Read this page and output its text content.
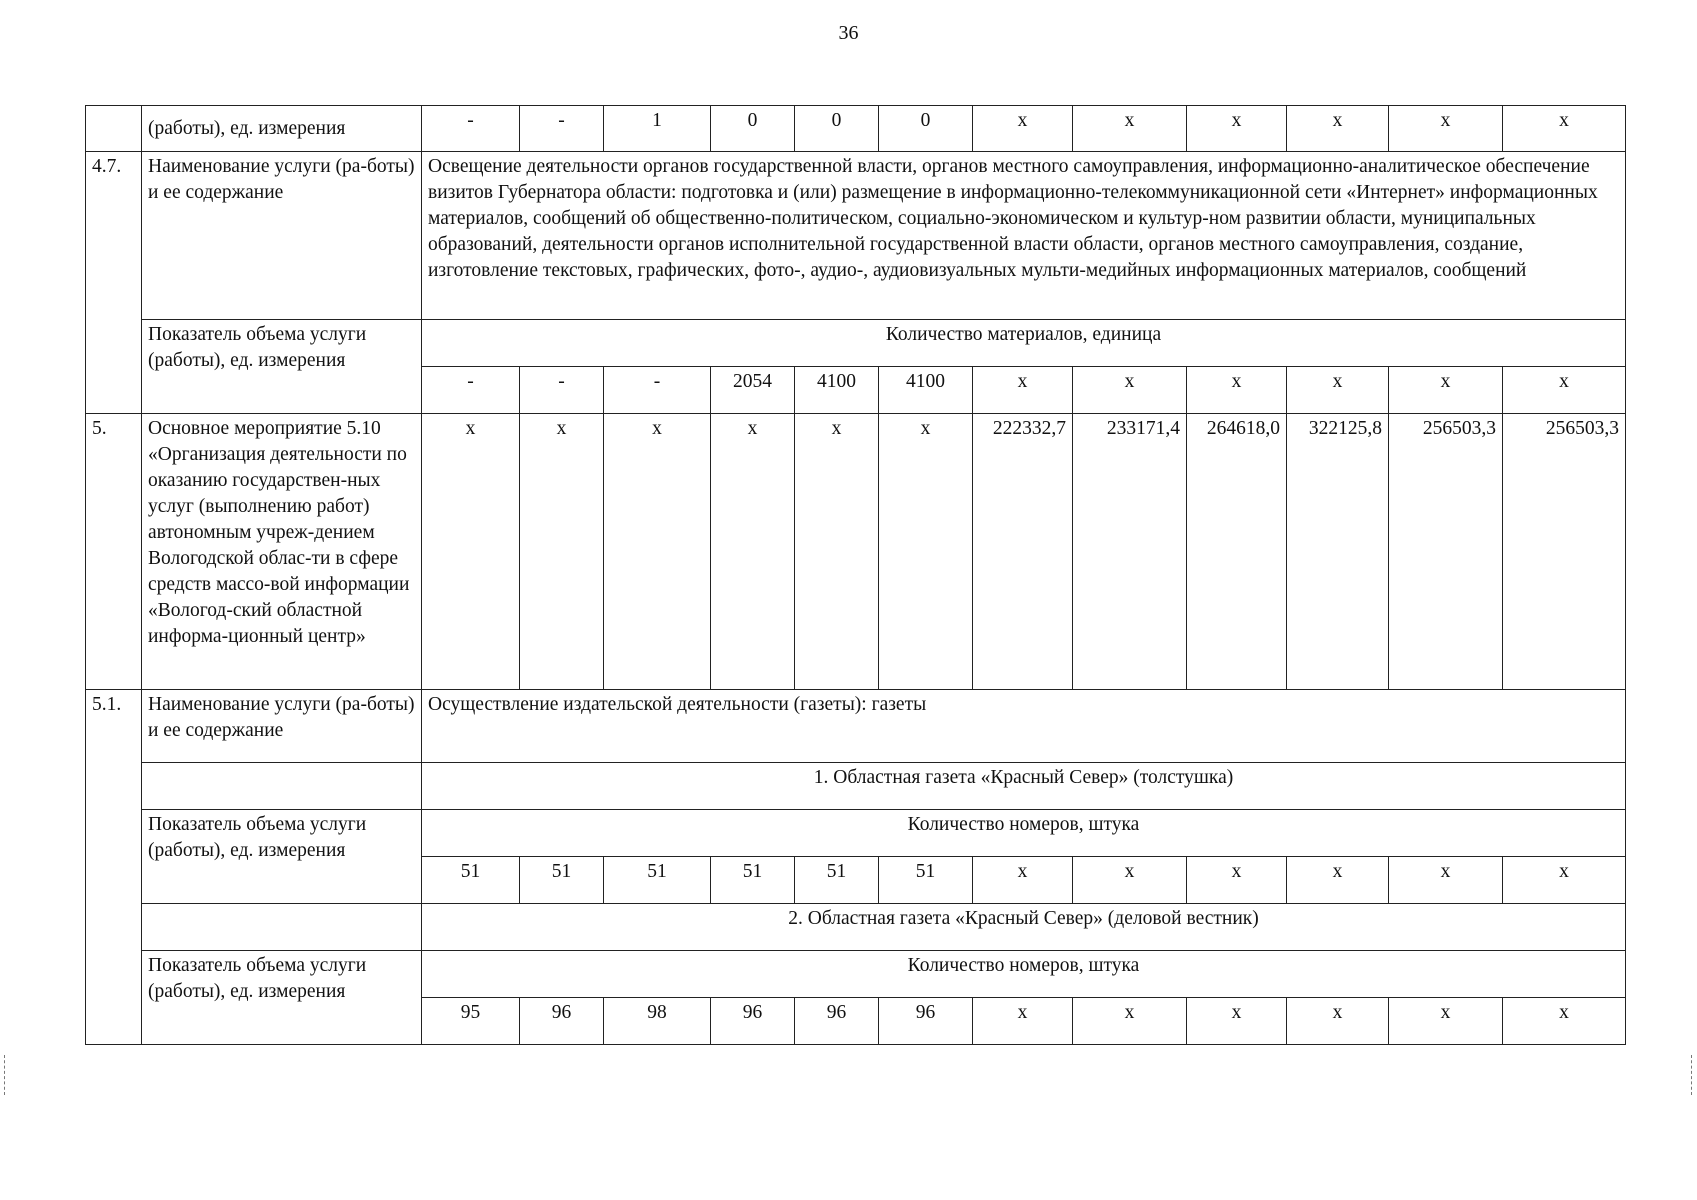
36
	(работы), ед. измерения	-	-	1	0	0	0	х	х	х	х	х	х
4.7.	Наименование услуги (ра-боты) и ее содержание	Освещение деятельности органов государственной власти, органов местного самоуправления, информационно-аналитическое обеспечение визитов Губернатора области: подготовка и (или) размещение в информационно-телекоммуникационной сети «Интернет» информационных материалов, сообщений об общественно-политическом, социально-экономическом и культур-ном развитии области, муниципальных образований, деятельности органов исполнительной государственной власти области, органов местного самоуправления, создание, изготовление текстовых, графических, фото-, аудио-, аудиовизуальных мульти-медийных информационных материалов, сообщений											
	Показатель объема услуги (работы), ед. измерения	Количество материалов, единица											
		-	-	-	2054	4100	4100	х	х	х	х	х	х
5.	Основное мероприятие 5.10 «Организация деятельности по оказанию государствен-ных услуг (выполнению работ) автономным учреж-дением Вологодской облас-ти в сфере средств массо-вой информации «Вологод-ский областной информа-ционный центр»	х	х	х	х	х	х	222332,7	233171,4	264618,0	322125,8	256503,3	256503,3
5.1.	Наименование услуги (ра-боты) и ее содержание	Осуществление издательской деятельности (газеты): газеты											
		1. Областная газета «Красный Север» (толстушка)											
	Показатель объема услуги (работы), ед. измерения	Количество номеров, штука											
		51	51	51	51	51	51	х	х	х	х	х	х
		2. Областная газета «Красный Север» (деловой вестник)											
	Показатель объема услуги (работы), ед. измерения	Количество номеров, штука											
		95	96	98	96	96	96	х	х	х	х	х	х
